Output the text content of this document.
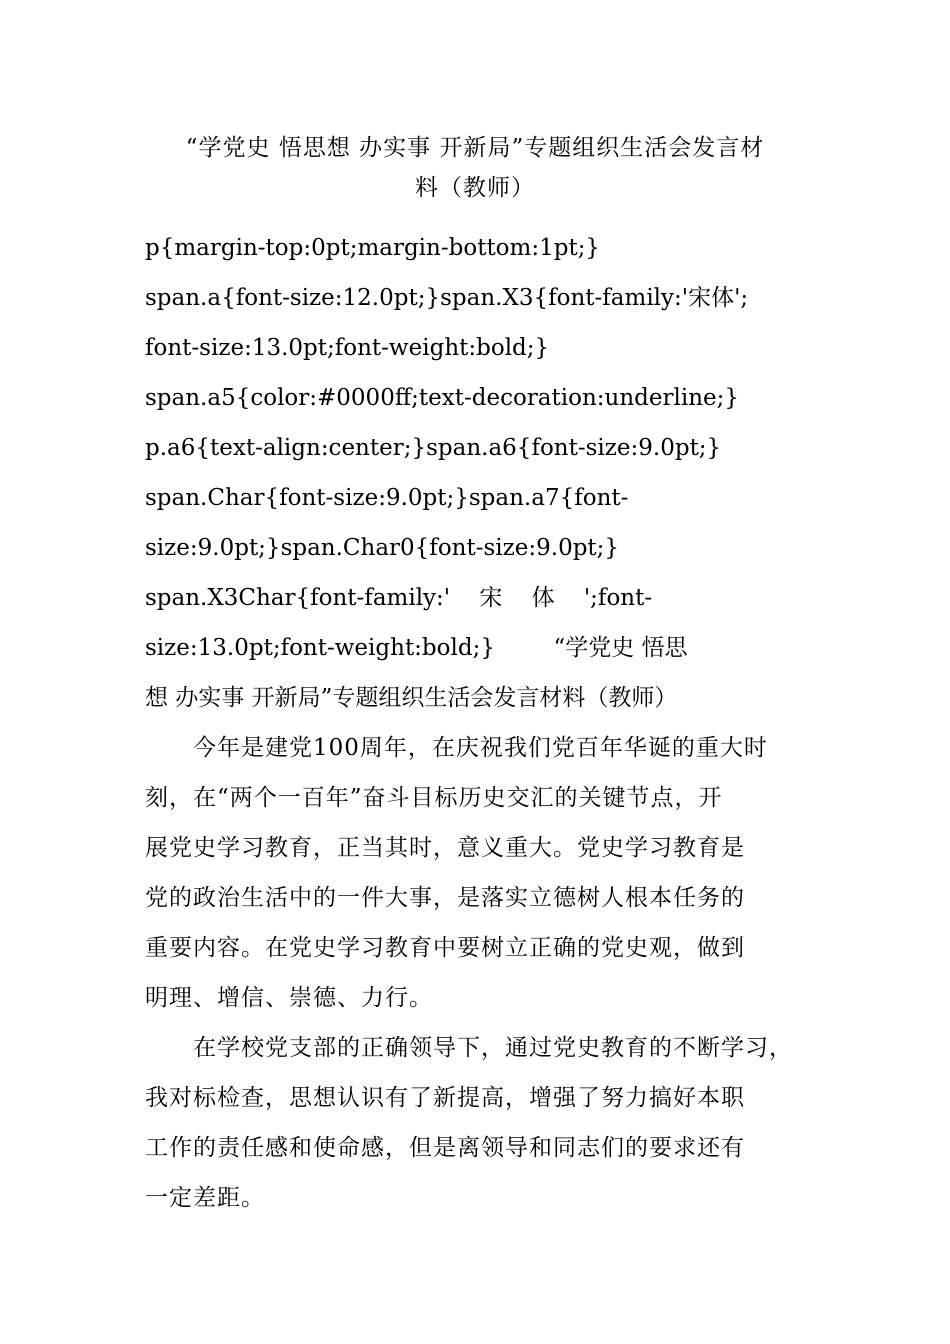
“学党史 悟思想 办实事 开新局”专题组织生活会发言材
料（教师）

p{margin-top:0pt;margin-bottom:1pt;}
span.a{font-size:12.0pt;}span.X3{font-family:'宋体';
font-size:13.0pt;font-weight:bold;}
span.a5{color:#0000ff;text-decoration:underline;}
p.a6{text-align:center;}span.a6{font-size:9.0pt;}
span.Char{font-size:9.0pt;}span.a7{font-
size:9.0pt;}span.Char0{font-size:9.0pt;}
span.X3Char{font-family:'    宋    体    ';font-
size:13.0pt;font-weight:bold;}        “学党史 悟思
想 办实事 开新局”专题组织生活会发言材料（教师）
　　今年是建党100周年，在庆祝我们党百年华诞的重大时
刻，在“两个一百年”奋斗目标历史交汇的关键节点，开
展党史学习教育，正当其时，意义重大。党史学习教育是
党的政治生活中的一件大事，是落实立德树人根本任务的
重要内容。在党史学习教育中要树立正确的党史观，做到
明理、增信、崇德、力行。
　　在学校党支部的正确领导下，通过党史教育的不断学习，
我对标检查，思想认识有了新提高，增强了努力搞好本职
工作的责任感和使命感，但是离领导和同志们的要求还有
一定差距。
